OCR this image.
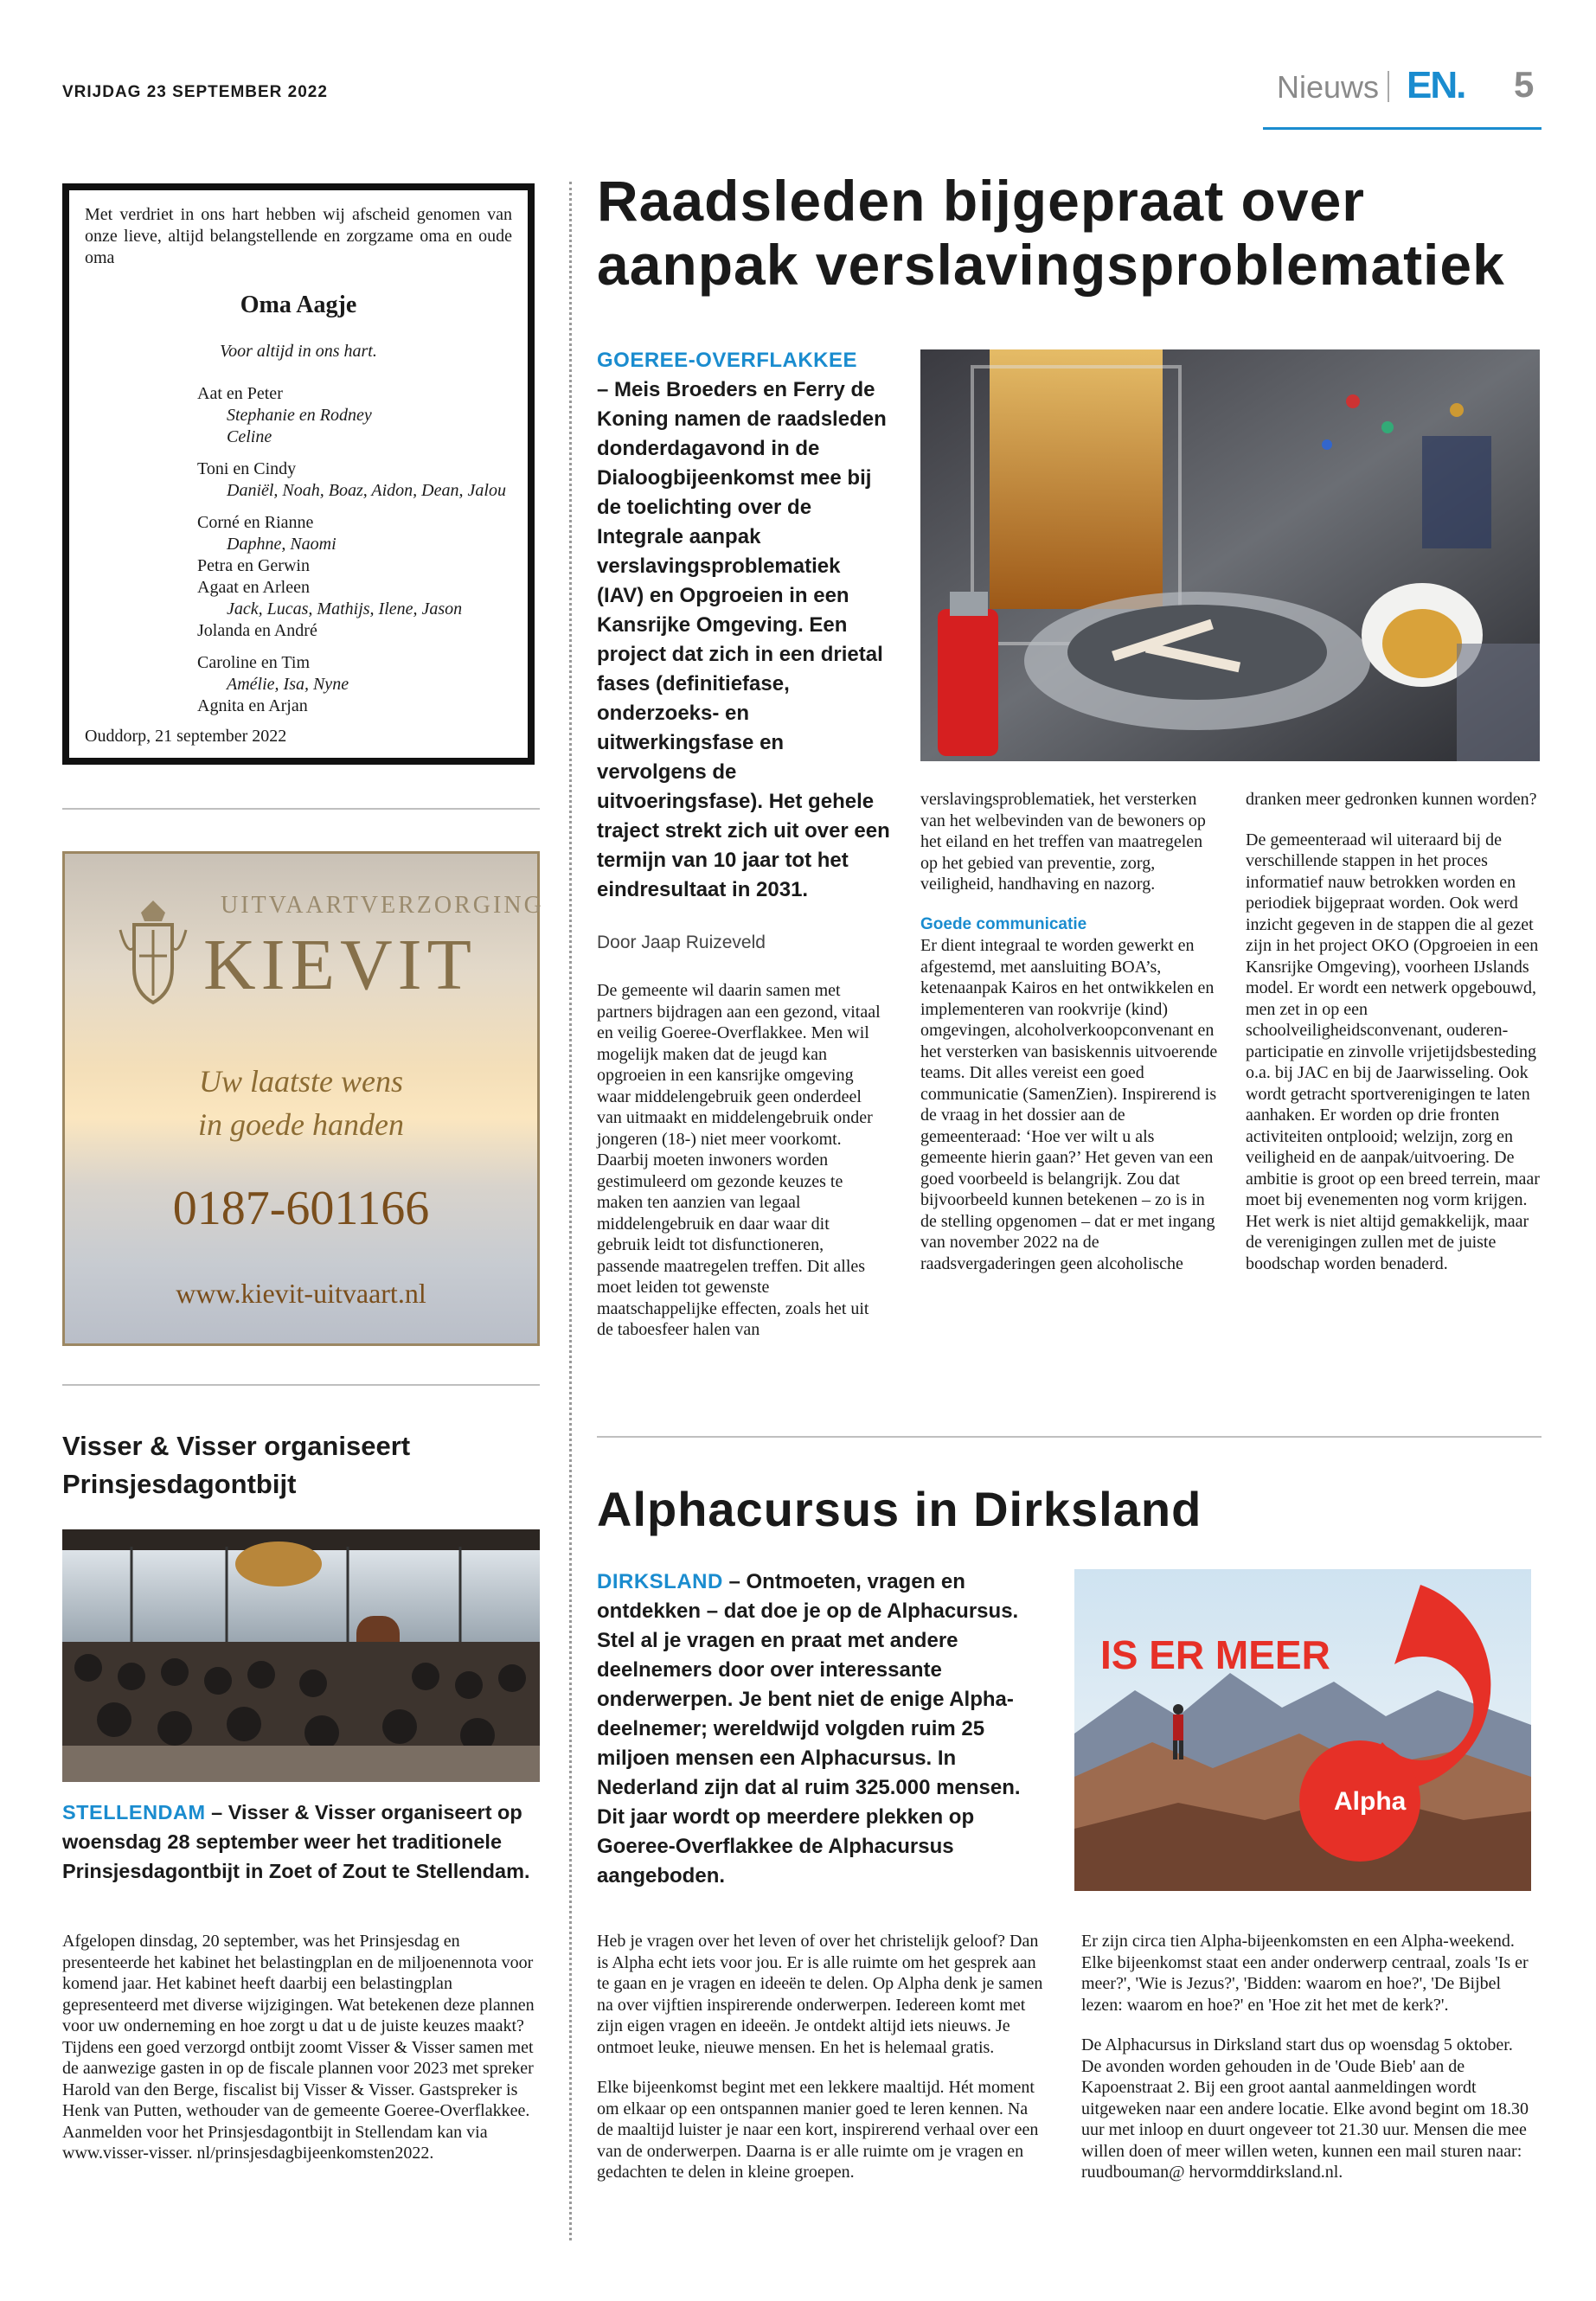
VRIJDAG 23 SEPTEMBER 2022	Nieuws EN. 5
Met verdriet in ons hart hebben wij afscheid genomen van onze lieve, altijd belangstellende en zorgzame oma en oude oma
Oma Aagje
Voor altijd in ons hart.
Aat en Peter
Stephanie en Rodney
Celine
Toni en Cindy
Daniël, Noah, Boaz, Aidon, Dean, Jalou
Corné en Rianne
Daphne, Naomi
Petra en Gerwin
Agaat en Arleen
Jack, Lucas, Mathijs, Ilene, Jason
Jolanda en André
Caroline en Tim
Amélie, Isa, Nyne
Agnita en Arjan
Ouddorp, 21 september 2022
UITVAARTVERZORGING
KIEVIT
Uw laatste wens
in goede handen
0187-601166
www.kievit-uitvaart.nl
Raadsleden bijgepraat over
aanpak verslavingsproblematiek
GOEREE-OVERFLAKKEE
– Meis Broeders en Ferry de Koning namen de raadsleden donderdagavond in de Dialoogbijeenkomst mee bij de toelichting over de Integrale aanpak verslavingsproblematiek (IAV) en Opgroeien in een Kansrijke Omgeving. Een project dat zich in een drietal fases (definitiefase, onderzoeks- en uitwerkingsfase en vervolgens de uitvoeringsfase). Het gehele traject strekt zich uit over een termijn van 10 jaar tot het eindresultaat in 2031.
Door Jaap Ruizeveld
De gemeente wil daarin samen met partners bijdragen aan een gezond, vitaal en veilig Goeree-Overflakkee. Men wil mogelijk maken dat de jeugd kan opgroeien in een kansrijke omgeving waar middelengebruik geen onderdeel van uitmaakt en middelengebruik onder jongeren (18-) niet meer voorkomt. Daarbij moeten inwoners worden gestimuleerd om gezonde keuzes te maken ten aanzien van legaal middelengebruik en daar waar dit gebruik leidt tot disfunctioneren, passende maatregelen treffen. Dit alles moet leiden tot gewenste maatschappelijke effecten, zoals het uit de taboesfeer halen van

verslavingsproblematiek, het versterken van het welbevinden van de bewoners op het eiland en het treffen van maatregelen op het gebied van preventie, zorg, veiligheid, handhaving en nazorg.

Goede communicatie
Er dient integraal te worden gewerkt en afgestemd, met aansluiting BOA’s, ketenaanpak Kairos en het ontwikkelen en implementeren van rookvrije (kind) omgevingen, alcoholverkoopconvenant en het versterken van basiskennis uitvoerende teams. Dit alles vereist een goed communicatie (SamenZien). Inspirerend is de vraag in het dossier aan de gemeenteraad: ‘Hoe ver wilt u als gemeente hierin gaan?’ Het geven van een goed voorbeeld is belangrijk. Zou dat bijvoorbeeld kunnen betekenen – zo is in de stelling opgenomen – dat er met ingang van november 2022 na de raadsvergaderingen geen alcoholische

dranken meer gedronken kunnen worden?

De gemeenteraad wil uiteraard bij de verschillende stappen in het proces informatief nauw betrokken worden en periodiek bijgepraat worden. Ook werd inzicht gegeven in de stappen die al gezet zijn in het project OKO (Opgroeien in een Kansrijke Omgeving), voorheen IJslands model. Er wordt een netwerk opgebouwd, men zet in op een schoolveiligheidsconvenant, ouderen-participatie en zinvolle vrijetijdsbesteding o.a. bij JAC en bij de Jaarwisseling. Ook wordt getracht sportverenigingen te laten aanhaken. Er worden op drie fronten activiteiten ontplooid; welzijn, zorg en veiligheid en de aanpak/uitvoering. De ambitie is groot op een breed terrein, maar moet bij evenementen nog vorm krijgen. Het werk is niet altijd gemakkelijk, maar de verenigingen zullen met de juiste boodschap worden benaderd.
Visser & Visser organiseert
Prinsjesdagontbijt
STELLENDAM – Visser & Visser organiseert op woensdag 28 september weer het traditionele Prinsjesdagontbijt in Zoet of Zout te Stellendam.
Afgelopen dinsdag, 20 september, was het Prinsjesdag en presenteerde het kabinet het belastingplan en de miljoenennota voor komend jaar. Het kabinet heeft daarbij een belastingplan gepresenteerd met diverse wijzigingen. Wat betekenen deze plannen voor uw onderneming en hoe zorgt u dat u de juiste keuzes maakt? Tijdens een goed verzorgd ontbijt zoomt Visser & Visser samen met de aanwezige gasten in op de fiscale plannen voor 2023 met spreker Harold van den Berge, fiscalist bij Visser & Visser. Gastspreker is Henk van Putten, wethouder van de gemeente Goeree-Overflakkee. Aanmelden voor het Prinsjesdagontbijt in Stellendam kan via www.visser-visser. nl/prinsjesdagbijeenkomsten2022.
Alphacursus in Dirksland
DIRKSLAND – Ontmoeten, vragen en ontdekken – dat doe je op de Alphacursus. Stel al je vragen en praat met andere deelnemers door over interessante onderwerpen. Je bent niet de enige Alpha-deelnemer; wereldwijd volgden ruim 25 miljoen mensen een Alphacursus. In Nederland zijn dat al ruim 325.000 mensen. Dit jaar wordt op meerdere plekken op Goeree-Overflakkee de Alphacursus aangeboden.
Alpha
IS ER MEER

Heb je vragen over het leven of over het christelijk geloof? Dan is Alpha echt iets voor jou. Er is alle ruimte om het gesprek aan te gaan en je vragen en ideeën te delen. Op Alpha denk je samen na over vijftien inspirerende onderwerpen. Iedereen komt met zijn eigen vragen en ideeën. Je ontdekt altijd iets nieuws. Je ontmoet leuke, nieuwe mensen. En het is helemaal gratis.

Elke bijeenkomst begint met een lekkere maaltijd. Hét moment om elkaar op een ontspannen manier goed te leren kennen. Na de maaltijd luister je naar een kort, inspirerend verhaal over een van de onderwerpen. Daarna is er alle ruimte om je vragen en gedachten te delen in kleine groepen.

Er zijn circa tien Alpha-bijeenkomsten en een Alpha-weekend. Elke bijeenkomst staat een ander onderwerp centraal, zoals 'Is er meer?', 'Wie is Jezus?', 'Bidden: waarom en hoe?', 'De Bijbel lezen: waarom en hoe?' en 'Hoe zit het met de kerk?'.

De Alphacursus in Dirksland start dus op woensdag 5 oktober. De avonden worden gehouden in de 'Oude Bieb' aan de Kapoenstraat 2. Bij een groot aantal aanmeldingen wordt uitgeweken naar een andere locatie. Elke avond begint om 18.30 uur met inloop en duurt ongeveer tot 21.30 uur. Mensen die mee willen doen of meer willen weten, kunnen een mail sturen naar: ruudbouman@ hervormddirksland.nl.
